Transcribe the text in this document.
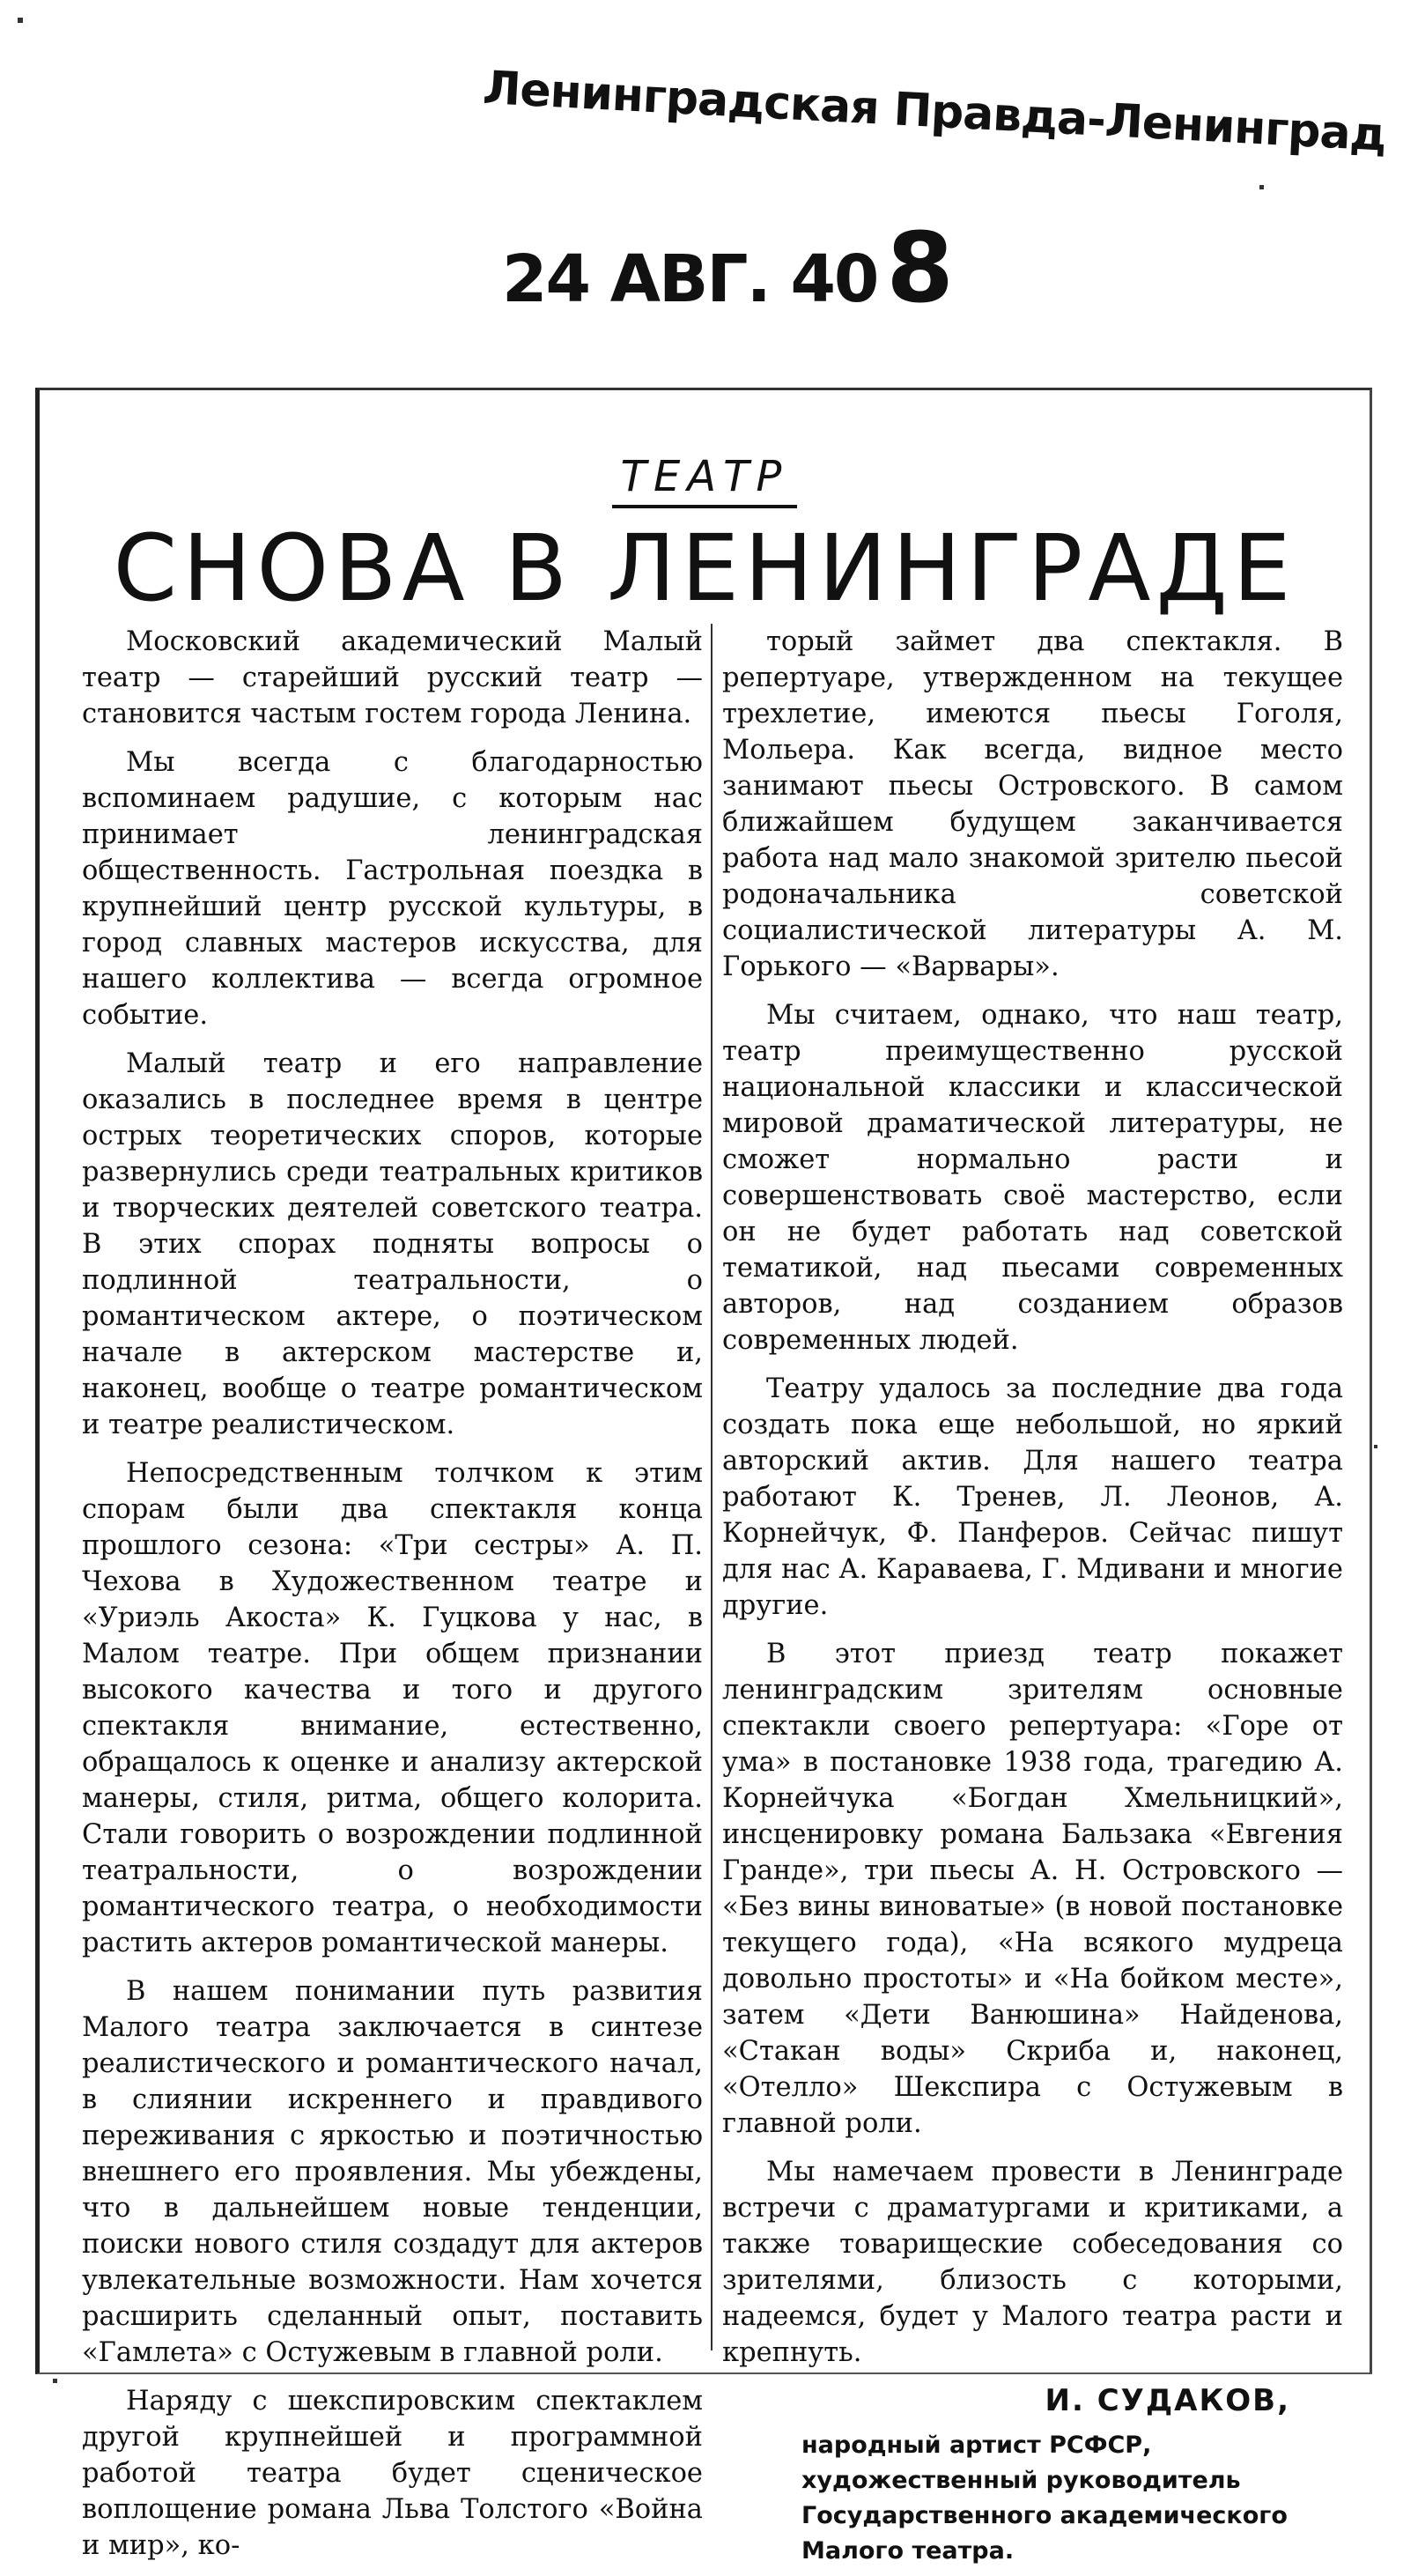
Ленинградская Правда-Ленинград
24 АВГ. 408
ТЕАТР
СНОВА В ЛЕНИНГРАДЕ

Московский академический Малый театр — старейший русский театр — становится частым гостем города Ленина.

Мы всегда с благодарностью вспоминаем радушие, с которым нас принимает ленинградская общественность. Гастрольная поездка в крупнейший центр русской культуры, в город славных мастеров искусства, для нашего коллектива — всегда огромное событие.

Малый театр и его направление оказались в последнее время в центре острых теоретических споров, которые развернулись среди театральных критиков и творческих деятелей советского театра. В этих спорах подняты вопросы о подлинной театральности, о романтическом актере, о поэтическом начале в актерском мастерстве и, наконец, вообще о театре романтическом и театре реалистическом.

Непосредственным толчком к этим спорам были два спектакля конца прошлого сезона: «Три сестры» А. П. Чехова в Художественном театре и «Уриэль Акоста» К. Гуцкова у нас, в Малом театре. При общем признании высокого качества и того и другого спектакля внимание, естественно, обращалось к оценке и анализу актерской манеры, стиля, ритма, общего колорита. Стали говорить о возрождении подлинной театральности, о возрождении романтического театра, о необходимости растить актеров романтической манеры.

В нашем понимании путь развития Малого театра заключается в синтезе реалистического и романтического начал, в слиянии искреннего и правдивого переживания с яркостью и поэтичностью внешнего его проявления. Мы убеждены, что в дальнейшем новые тенденции, поиски нового стиля создадут для актеров увлекательные возможности. Нам хочется расширить сделанный опыт, поставить «Гамлета» с Остужевым в главной роли.

Наряду с шекспировским спектаклем другой крупнейшей и программной работой театра будет сценическое воплощение романа Льва Толстого «Война и мир», ко-

торый займет два спектакля. В репертуаре, утвержденном на текущее трехлетие, имеются пьесы Гоголя, Мольера. Как всегда, видное место занимают пьесы Островского. В самом ближайшем будущем заканчивается работа над мало знакомой зрителю пьесой родоначальника советской социалистической литературы А. М. Горького — «Варвары».

Мы считаем, однако, что наш театр, театр преимущественно русской национальной классики и классической мировой драматической литературы, не сможет нормально расти и совершенствовать своё мастерство, если он не будет работать над советской тематикой, над пьесами современных авторов, над созданием образов современных людей.

Театру удалось за последние два года создать пока еще небольшой, но яркий авторский актив. Для нашего театра работают К. Тренев, Л. Леонов, А. Корнейчук, Ф. Панферов. Сейчас пишут для нас А. Караваева, Г. Мдивани и многие другие.

В этот приезд театр покажет ленинградским зрителям основные спектакли своего репертуара: «Горе от ума» в постановке 1938 года, трагедию А. Корнейчука «Богдан Хмельницкий», инсценировку романа Бальзака «Евгения Гранде», три пьесы А. Н. Островского — «Без вины виноватые» (в новой постановке текущего года), «На всякого мудреца довольно простоты» и «На бойком месте», затем «Дети Ванюшина» Найденова, «Стакан воды» Скриба и, наконец, «Отелло» Шекспира с Остужевым в главной роли.

Мы намечаем провести в Ленинграде встречи с драматургами и критиками, а также товарищеские собеседования со зрителями, близость с которыми, надеемся, будет у Малого театра расти и крепнуть.

И. СУДАКОВ,
народный артист РСФСР, художественный руководитель Государственного академического Малого театра.
